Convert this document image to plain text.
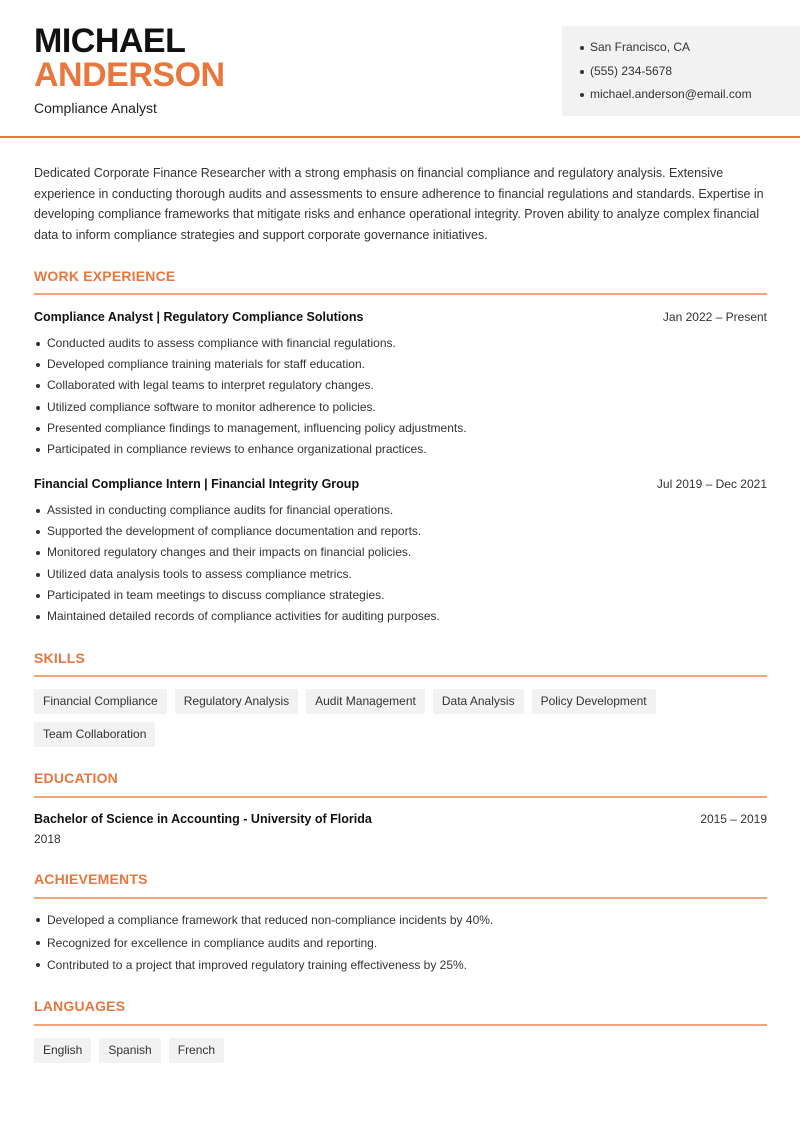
MICHAEL
ANDERSON
Compliance Analyst
San Francisco, CA
(555) 234-5678
michael.anderson@email.com

Dedicated Corporate Finance Researcher with a strong emphasis on financial compliance and regulatory analysis. Extensive experience in conducting thorough audits and assessments to ensure adherence to financial regulations and standards. Expertise in developing compliance frameworks that mitigate risks and enhance operational integrity. Proven ability to analyze complex financial data to inform compliance strategies and support corporate governance initiatives.

WORK EXPERIENCE
Compliance Analyst | Regulatory Compliance Solutions	Jan 2022 – Present
Conducted audits to assess compliance with financial regulations.
Developed compliance training materials for staff education.
Collaborated with legal teams to interpret regulatory changes.
Utilized compliance software to monitor adherence to policies.
Presented compliance findings to management, influencing policy adjustments.
Participated in compliance reviews to enhance organizational practices.
Financial Compliance Intern | Financial Integrity Group	Jul 2019 – Dec 2021
Assisted in conducting compliance audits for financial operations.
Supported the development of compliance documentation and reports.
Monitored regulatory changes and their impacts on financial policies.
Utilized data analysis tools to assess compliance metrics.
Participated in team meetings to discuss compliance strategies.
Maintained detailed records of compliance activities for auditing purposes.
SKILLS
Financial Compliance	Regulatory Analysis	Audit Management	Data Analysis	Policy Development
Team Collaboration
EDUCATION
Bachelor of Science in Accounting - University of Florida	2015 – 2019
2018
ACHIEVEMENTS
Developed a compliance framework that reduced non-compliance incidents by 40%.
Recognized for excellence in compliance audits and reporting.
Contributed to a project that improved regulatory training effectiveness by 25%.
LANGUAGES
English	Spanish	French
